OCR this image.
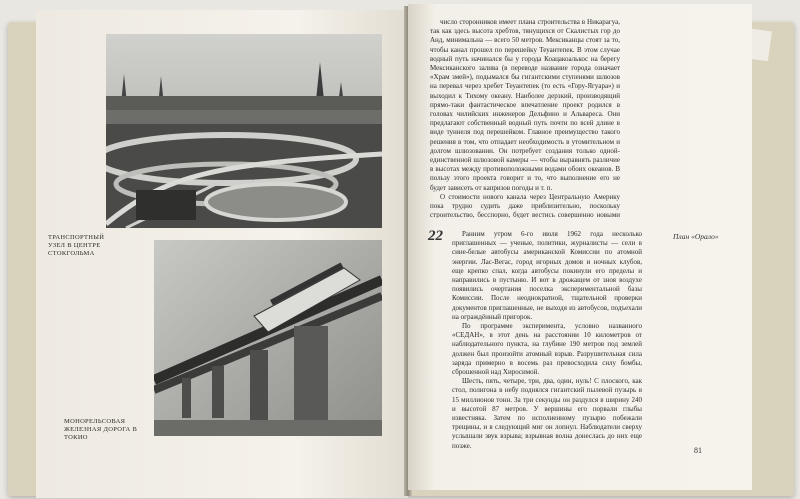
ТРАНСПОРТНЫЙ УЗЕЛ В ЦЕНТРЕ СТОКГОЛЬМА
МОНОРЕЛЬСОВАЯ ЖЕЛЕЗНАЯ ДОРОГА В ТОКИО

число сторонников имеет плана строительства в Никарагуа, так как здесь высота хребтов, тянущихся от Скалистых гор до Анд, минимальна — всего 50 метров. Мексиканцы стоят за то, чтобы канал прошел по перешейку Теуантепек. В этом случае водный путь начинался бы у города Коацакоалькос на берегу Мексиканского залива (в переводе название города означает «Храм змей»), подымался бы гигантскими ступенями шлюзов на перевал через хребет Теуантепек (то есть «Гору-Ягуара») и выходил к Тихому океану. Наиболее дерзкий, производящий прямо-таки фантастическое впечатление проект родился в головах чилийских инженеров Дельфино и Альвареса. Они предлагают собственный водный путь почти по всей длине в виде туннеля под перешейком. Главное преимущество такого решения в том, что отпадает необходимость в утомительном и долгом шлюзовании. Он потребует создания только одной-единственной шлюзовой камеры — чтобы выравнять различие в высотах между противоположными водами обоих океанов. В пользу этого проекта говорит и то, что выполнение его не будет зависеть от капризов погоды и т. п.

О стоимости нового канала через Центральную Америку пока трудно судить даже приблизительно, поскольку строительство, бесспорно, будет вестись совершенно новыми

22	План «Орало»

Ранним утром 6-го июля 1962 года несколько приглашенных — ученые, политики, журналисты — сели в сине-белые автобусы американской Комиссии по атомной энергии. Лас-Вегас, город игорных домов и ночных клубов, еще крепко спал, когда автобусы покинули его пределы и направились в пустыню. И вот в дрожащем от зноя воздухе появились очертания поселка экспериментальной базы Комиссии. После неоднократной, тщательной проверки документов приглашенные, не выходя из автобусов, подъехали на ограждённый пригорок.

По программе эксперимента, условно названного «СЕДАН», в этот день на расстоянии 10 километров от наблюдательного пункта, на глубине 190 метров под землей должен был произойти атомный взрыв. Разрушительная сила заряда примерно в восемь раз превосходила силу бомбы, сброшенной над Хиросимой.

Шесть, пять, четыре, три, два, один, нуль! С плоского, как стол, полигона в небу поднялся гигантский пылевой пузырь в 15 миллионов тонн. За три секунды он раздулся в ширину 240 и высотой 87 метров. У вершины его порвали глыбы известняка. Затем по исполненному пузырю побежали трещины, и в следующий миг он лопнул. Наблюдатели сверху услышали звук взрыва; взрывная волна донеслась до них еще позже.

81
